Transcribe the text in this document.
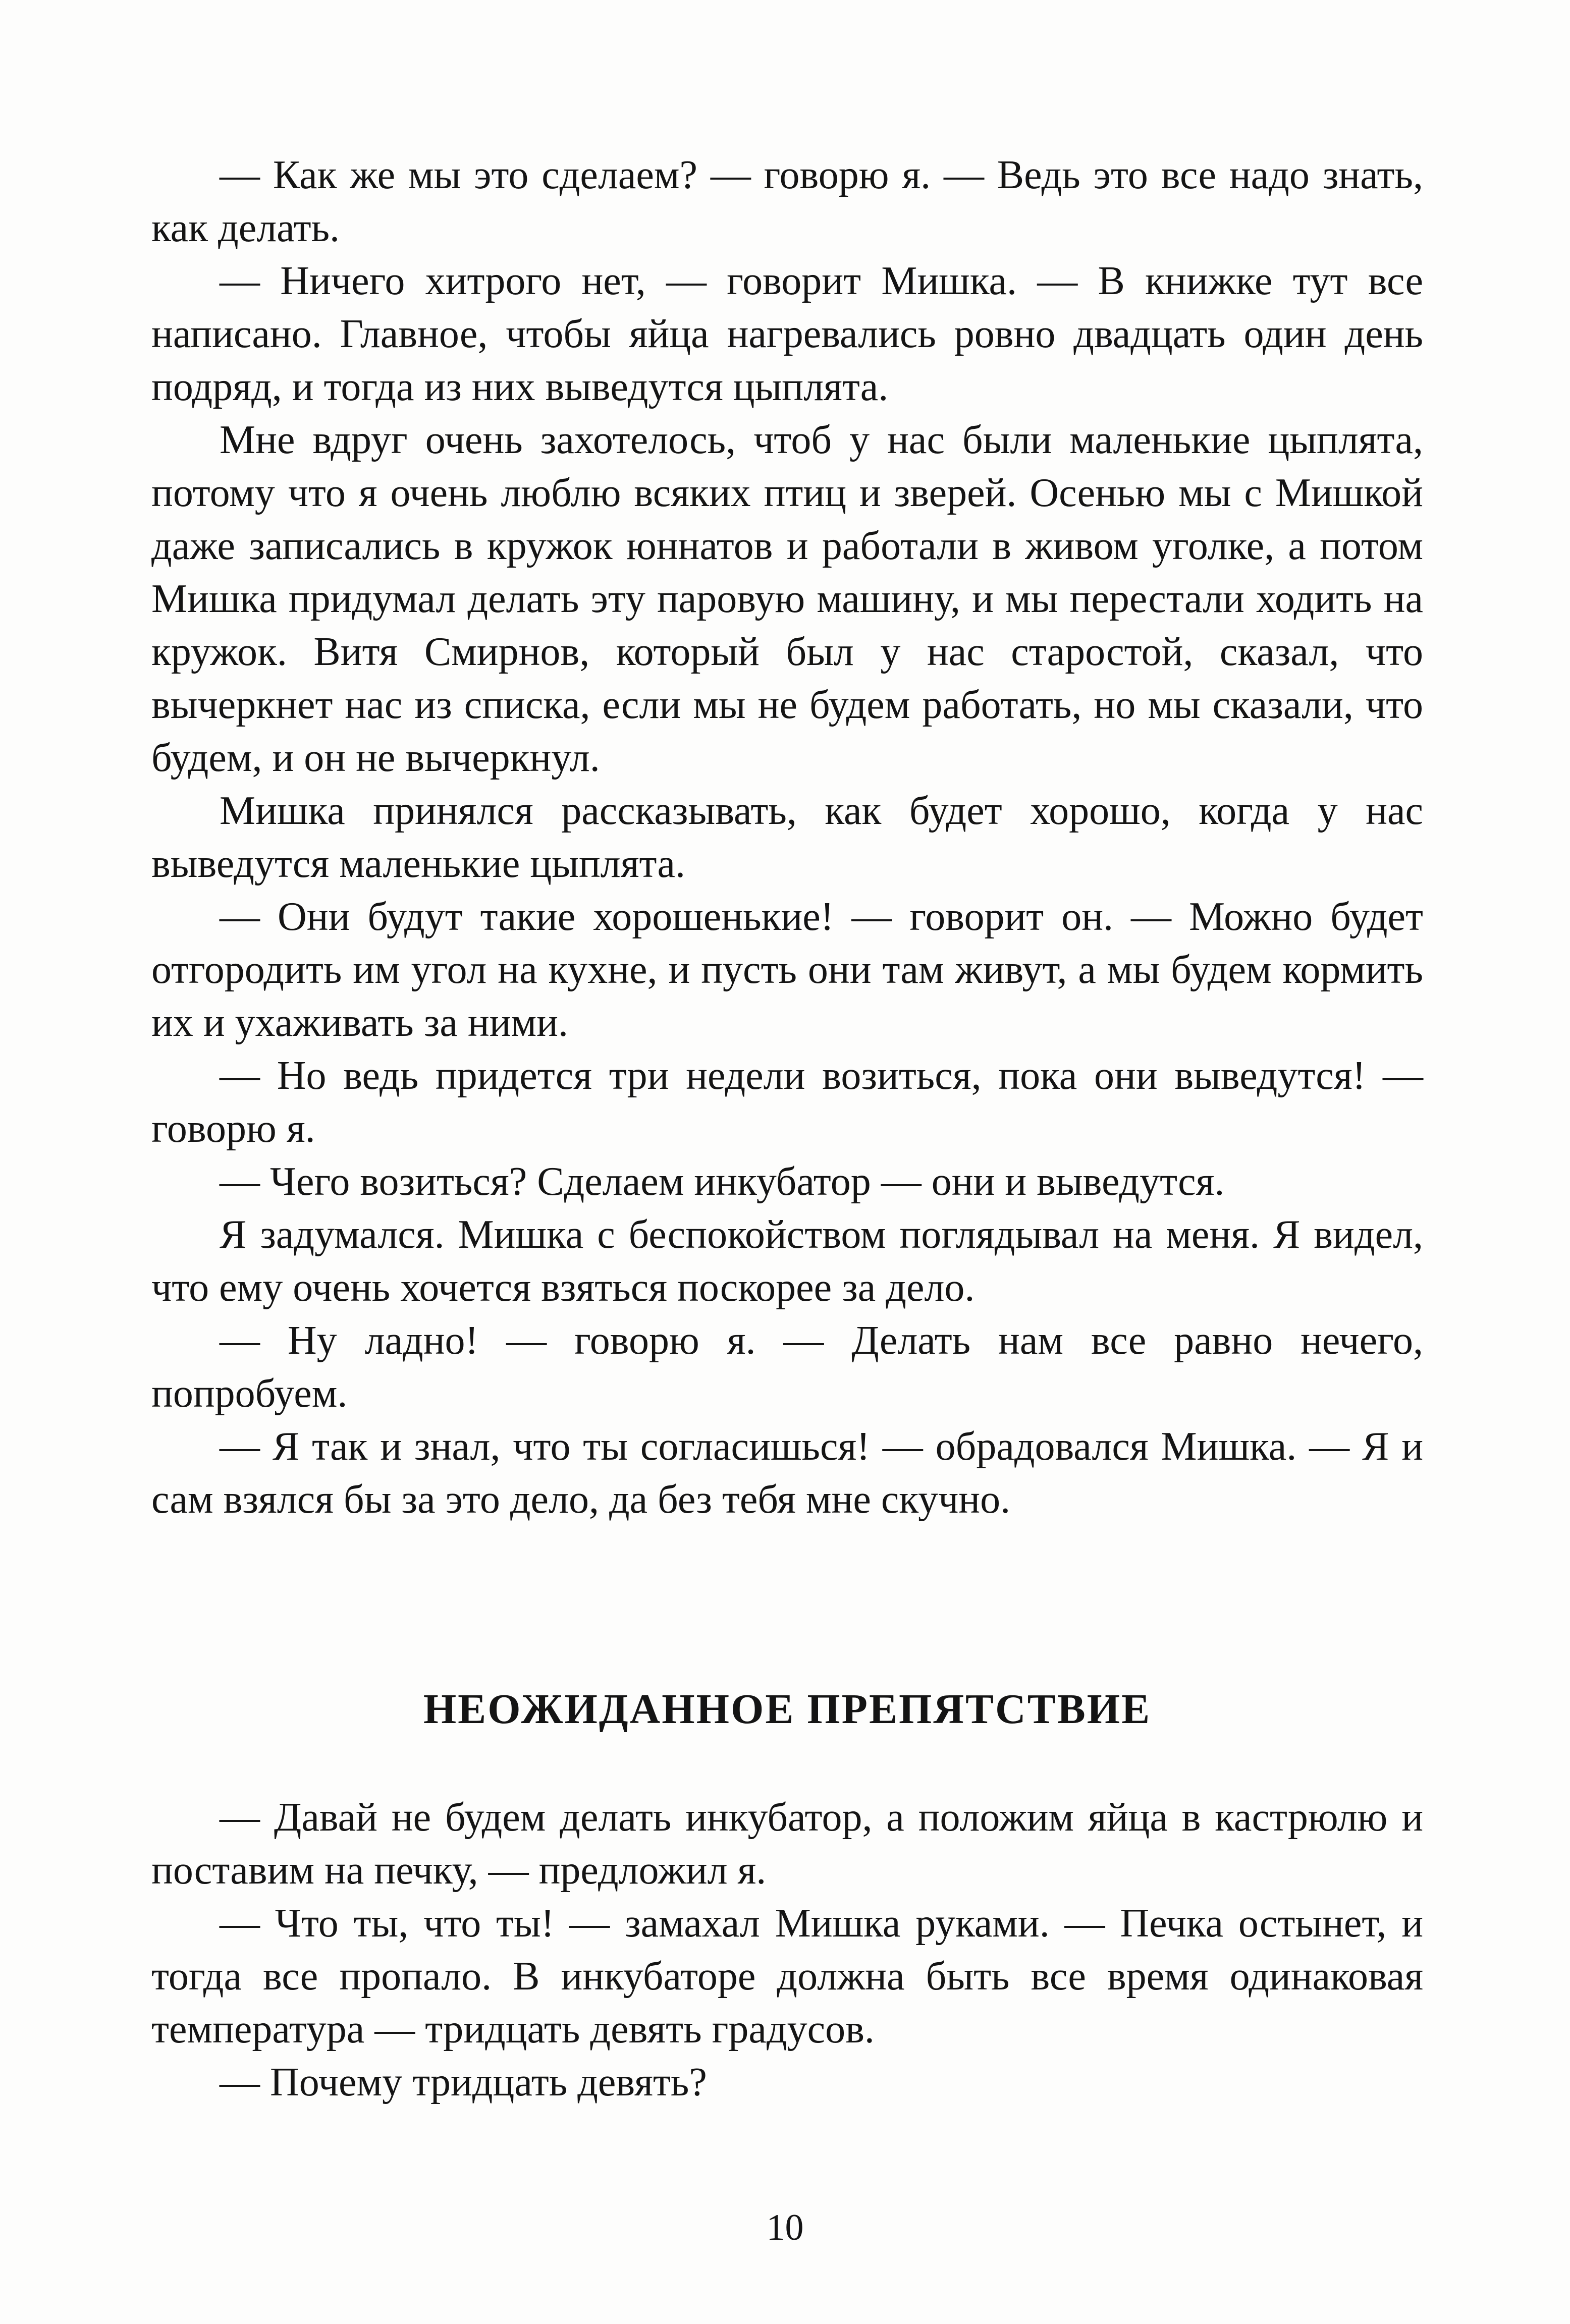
— Как же мы это сделаем? — говорю я. — Ведь это все надо знать, как делать.

— Ничего хитрого нет, — говорит Мишка. — В книжке тут все написано. Главное, чтобы яйца нагревались ровно двадцать один день подряд, и тогда из них выведутся цыплята.

Мне вдруг очень захотелось, чтоб у нас были маленькие цыплята, потому что я очень люблю всяких птиц и зверей. Осенью мы с Мишкой даже записались в кружок юннатов и работали в живом уголке, а потом Мишка придумал делать эту паровую машину, и мы перестали ходить на кружок. Витя Смирнов, который был у нас старостой, сказал, что вычеркнет нас из списка, если мы не будем работать, но мы сказали, что будем, и он не вычеркнул.

Мишка принялся рассказывать, как будет хорошо, когда у нас выведутся маленькие цыплята.

— Они будут такие хорошенькие! — говорит он. — Можно будет отгородить им угол на кухне, и пусть они там живут, а мы будем кормить их и ухаживать за ними.

— Но ведь придется три недели возиться, пока они выведутся! — говорю я.

— Чего возиться? Сделаем инкубатор — они и выведутся.

Я задумался. Мишка с беспокойством поглядывал на меня. Я видел, что ему очень хочется взяться поскорее за дело.

— Ну ладно! — говорю я. — Делать нам все равно нечего, попробуем.

— Я так и знал, что ты согласишься! — обрадовался Мишка. — Я и сам взялся бы за это дело, да без тебя мне скучно.

НЕОЖИДАННОЕ ПРЕПЯТСТВИЕ

— Давай не будем делать инкубатор, а положим яйца в кастрюлю и поставим на печку, — предложил я.

— Что ты, что ты! — замахал Мишка руками. — Печка остынет, и тогда все пропало. В инкубаторе должна быть все время одинаковая температура — тридцать девять градусов.

— Почему тридцать девять?

10
